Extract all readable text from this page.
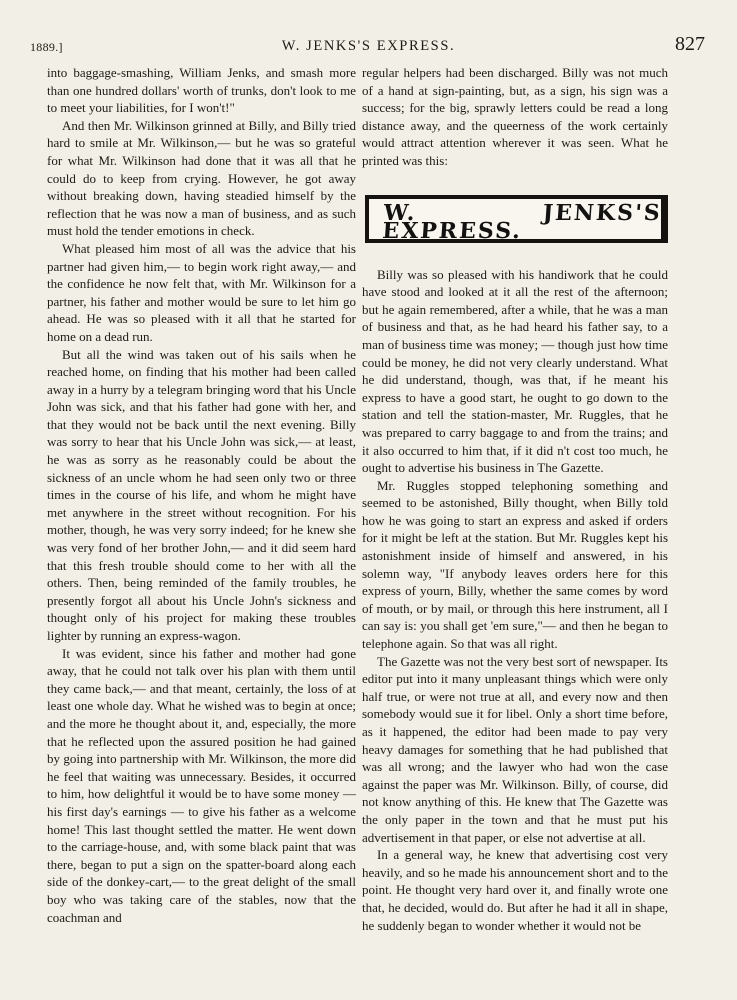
1889.]	W. JENKS'S EXPRESS.	827

into baggage-smashing, William Jenks, and smash more than one hundred dollars' worth of trunks, don't look to me to meet your liabilities, for I won't!"

And then Mr. Wilkinson grinned at Billy, and Billy tried hard to smile at Mr. Wilkinson,— but he was so grateful for what Mr. Wilkinson had done that it was all that he could do to keep from crying. However, he got away without breaking down, having steadied himself by the reflection that he was now a man of business, and as such must hold the tender emotions in check.

What pleased him most of all was the advice that his partner had given him,— to begin work right away,— and the confidence he now felt that, with Mr. Wilkinson for a partner, his father and mother would be sure to let him go ahead. He was so pleased with it all that he started for home on a dead run.

But all the wind was taken out of his sails when he reached home, on finding that his mother had been called away in a hurry by a telegram bringing word that his Uncle John was sick, and that his father had gone with her, and that they would not be back until the next evening. Billy was sorry to hear that his Uncle John was sick,— at least, he was as sorry as he reasonably could be about the sickness of an uncle whom he had seen only two or three times in the course of his life, and whom he might have met anywhere in the street without recognition. For his mother, though, he was very sorry indeed; for he knew she was very fond of her brother John,— and it did seem hard that this fresh trouble should come to her with all the others. Then, being reminded of the family troubles, he presently forgot all about his Uncle John's sickness and thought only of his project for making these troubles lighter by running an express-wagon.

It was evident, since his father and mother had gone away, that he could not talk over his plan with them until they came back,— and that meant, certainly, the loss of at least one whole day. What he wished was to begin at once; and the more he thought about it, and, especially, the more that he reflected upon the assured position he had gained by going into partnership with Mr. Wilkinson, the more did he feel that waiting was unnecessary. Besides, it occurred to him, how delightful it would be to have some money — his first day's earnings — to give his father as a welcome home! This last thought settled the matter. He went down to the carriage-house, and, with some black paint that was there, began to put a sign on the spatter-board along each side of the donkey-cart,— to the great delight of the small boy who was taking care of the stables, now that the coachman and

regular helpers had been discharged. Billy was not much of a hand at sign-painting, but, as a sign, his sign was a success; for the big, sprawly letters could be read a long distance away, and the queerness of the work certainly would attract attention wherever it was seen. What he printed was this:

W. JENKS'S EXPRESS.

Billy was so pleased with his handiwork that he could have stood and looked at it all the rest of the afternoon; but he again remembered, after a while, that he was a man of business and that, as he had heard his father say, to a man of business time was money; — though just how time could be money, he did not very clearly understand. What he did understand, though, was that, if he meant his express to have a good start, he ought to go down to the station and tell the station-master, Mr. Ruggles, that he was prepared to carry baggage to and from the trains; and it also occurred to him that, if it did n't cost too much, he ought to advertise his business in The Gazette.

Mr. Ruggles stopped telephoning something and seemed to be astonished, Billy thought, when Billy told how he was going to start an express and asked if orders for it might be left at the station. But Mr. Ruggles kept his astonishment inside of himself and answered, in his solemn way, "If anybody leaves orders here for this express of yourn, Billy, whether the same comes by word of mouth, or by mail, or through this here instrument, all I can say is: you shall get 'em sure,"— and then he began to telephone again. So that was all right.

The Gazette was not the very best sort of newspaper. Its editor put into it many unpleasant things which were only half true, or were not true at all, and every now and then somebody would sue it for libel. Only a short time before, as it happened, the editor had been made to pay very heavy damages for something that he had published that was all wrong; and the lawyer who had won the case against the paper was Mr. Wilkinson. Billy, of course, did not know anything of this. He knew that The Gazette was the only paper in the town and that he must put his advertisement in that paper, or else not advertise at all.

In a general way, he knew that advertising cost very heavily, and so he made his announcement short and to the point. He thought very hard over it, and finally wrote one that, he decided, would do. But after he had it all in shape, he suddenly began to wonder whether it would not be
